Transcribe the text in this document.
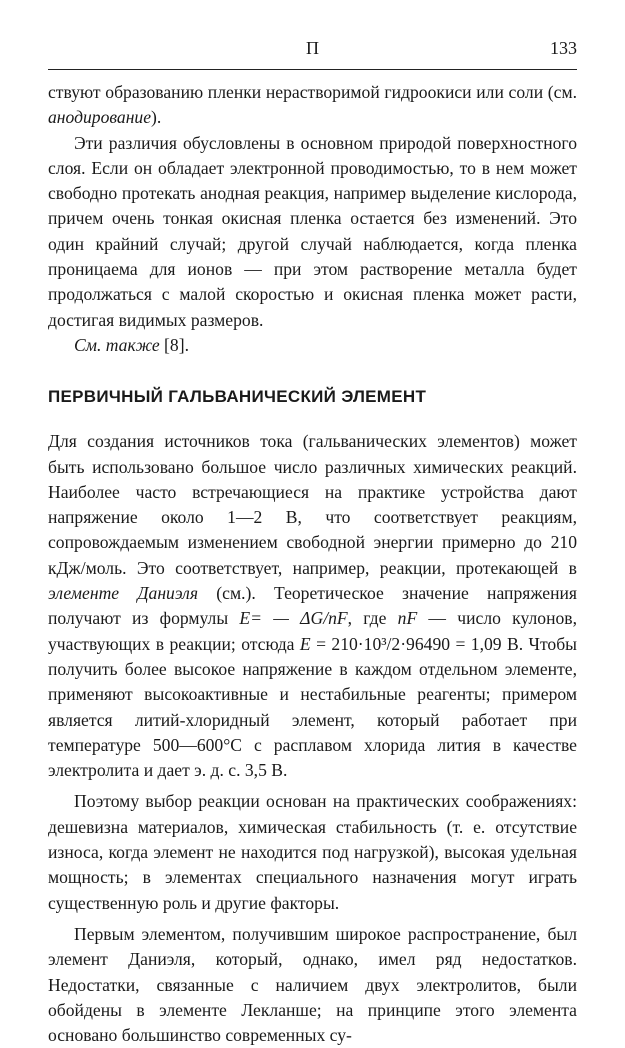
П	133

ствуют образованию пленки нерастворимой гидроокиси или соли (см. анодирование).

Эти различия обусловлены в основном природой поверхностного слоя. Если он обладает электронной проводимостью, то в нем может свободно протекать анодная реакция, например выделение кислорода, причем очень тонкая окисная пленка остается без изменений. Это один крайний случай; другой случай наблюдается, когда пленка проницаема для ионов — при этом растворение металла будет продолжаться с малой скоростью и окисная пленка может расти, достигая видимых размеров.

См. также [8].

ПЕРВИЧНЫЙ ГАЛЬВАНИЧЕСКИЙ ЭЛЕМЕНТ

Для создания источников тока (гальванических элементов) может быть использовано большое число различных химических реакций. Наиболее часто встречающиеся на практике устройства дают напряжение около 1—2 В, что соответствует реакциям, сопровождаемым изменением свободной энергии примерно до 210 кДж/моль. Это соответствует, например, реакции, протекающей в элементе Даниэля (см.). Теоретическое значение напряжения получают из формулы E= — ΔG/nF, где nF — число кулонов, участвующих в реакции; отсюда E = 210·10³/2·96490 = 1,09 В. Чтобы получить более высокое напряжение в каждом отдельном элементе, применяют высокоактивные и нестабильные реагенты; примером является литий-хлоридный элемент, который работает при температуре 500—600°С с расплавом хлорида лития в качестве электролита и дает э. д. с. 3,5 В.

Поэтому выбор реакции основан на практических соображениях: дешевизна материалов, химическая стабильность (т. е. отсутствие износа, когда элемент не находится под нагрузкой), высокая удельная мощность; в элементах специального назначения могут играть существенную роль и другие факторы.

Первым элементом, получившим широкое распространение, был элемент Даниэля, который, однако, имел ряд недостатков. Недостатки, связанные с наличием двух электролитов, были обойдены в элементе Лекланше; на принципе этого элемента основано большинство современных су-
